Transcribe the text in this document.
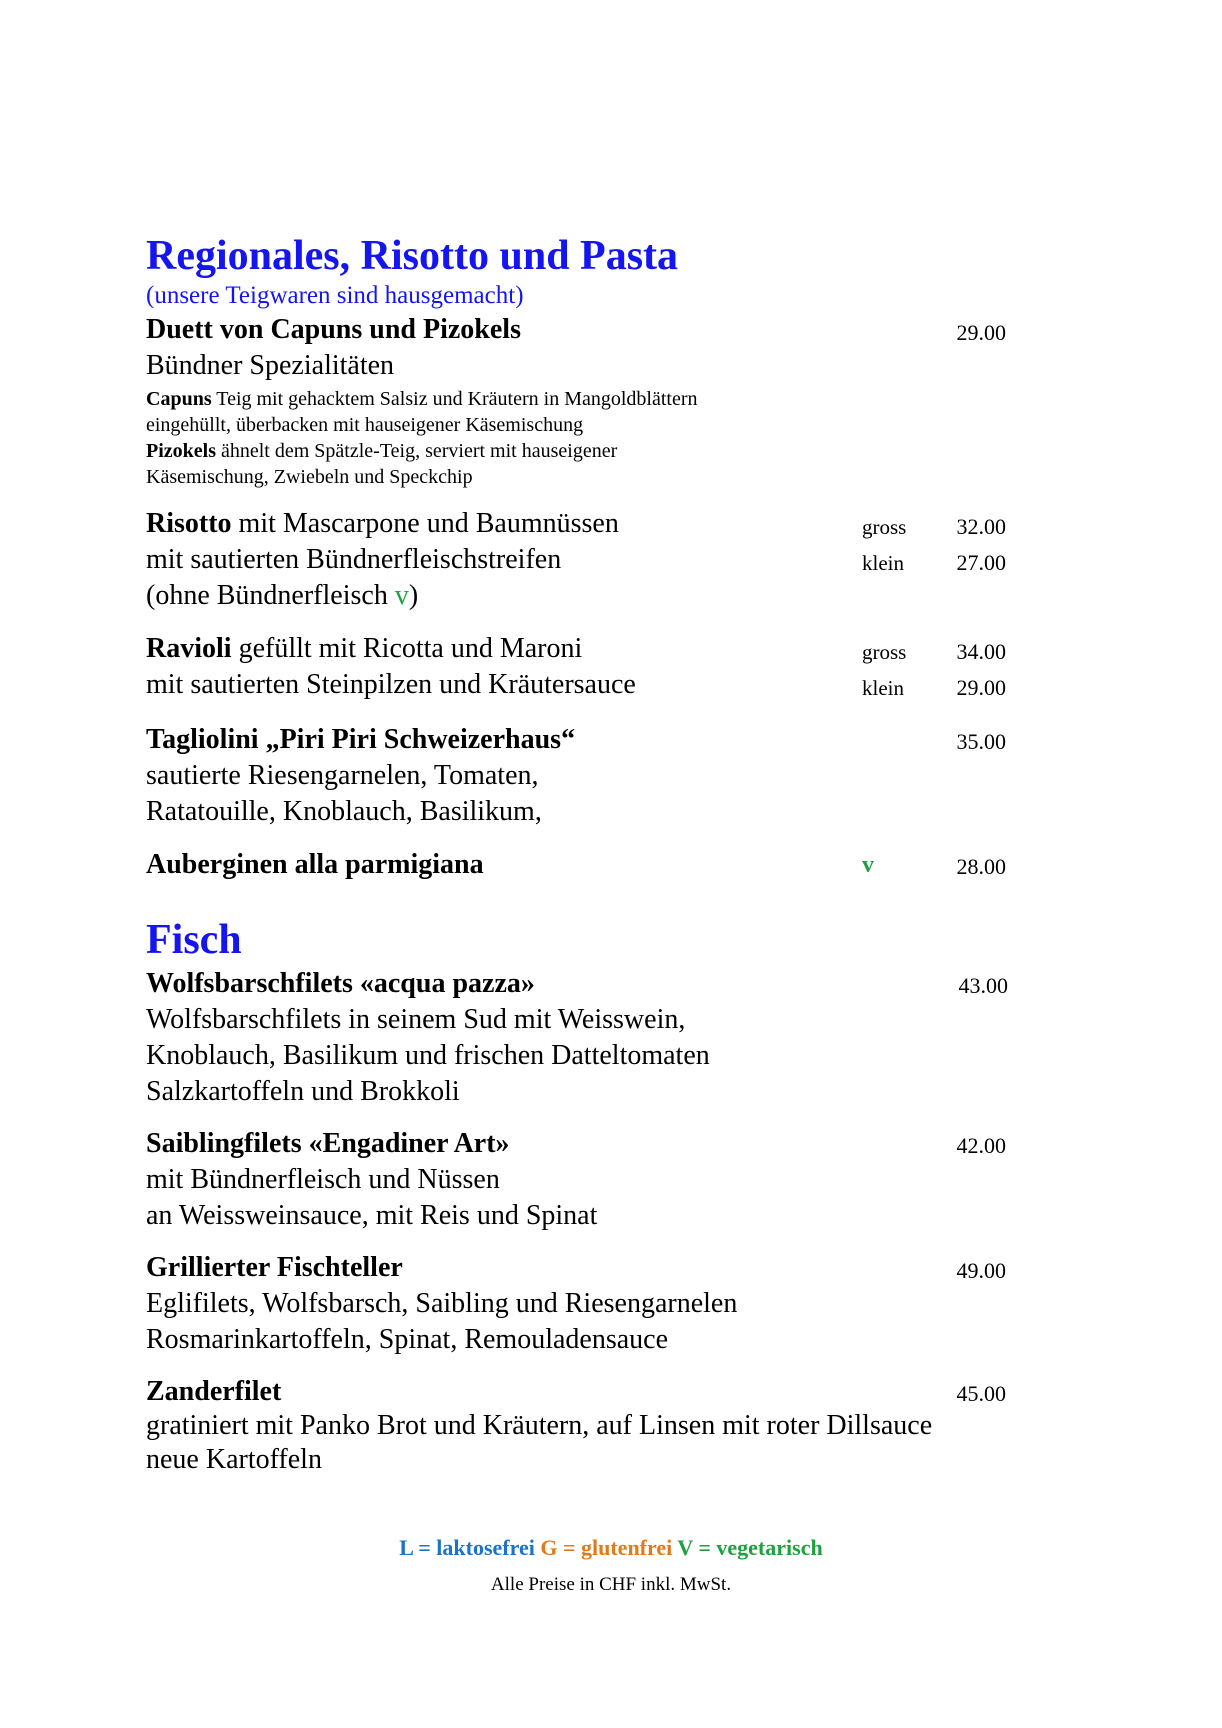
Regionales, Risotto und Pasta
(unsere Teigwaren sind hausgemacht)
Duett von Capuns und Pizokels	29.00
Bündner Spezialitäten
Capuns Teig mit gehacktem Salsiz und Kräutern in Mangoldblättern
eingehüllt, überbacken mit hauseigener Käsemischung
Pizokels ähnelt dem Spätzle-Teig, serviert mit hauseigener
Käsemischung, Zwiebeln und Speckchip
Risotto mit Mascarpone und Baumnüssen	gross	32.00
mit sautierten Bündnerfleischstreifen	klein	27.00
(ohne Bündnerfleisch v)
Ravioli gefüllt mit Ricotta und Maroni	gross	34.00
mit sautierten Steinpilzen und Kräutersauce	klein	29.00
Tagliolini „Piri Piri Schweizerhaus“	35.00
sautierte Riesengarnelen, Tomaten,
Ratatouille, Knoblauch, Basilikum,
Auberginen alla parmigiana	v	28.00
Fisch
Wolfsbarschfilets «acqua pazza»	43.00
Wolfsbarschfilets in seinem Sud mit Weisswein,
Knoblauch, Basilikum und frischen Datteltomaten
Salzkartoffeln und Brokkoli
Saiblingfilets «Engadiner Art»	42.00
mit Bündnerfleisch und Nüssen
an Weissweinsauce, mit Reis und Spinat
Grillierter Fischteller	49.00
Eglifilets, Wolfsbarsch, Saibling und Riesengarnelen
Rosmarinkartoffeln, Spinat, Remouladensauce
Zanderfilet	45.00
gratiniert mit Panko Brot und Kräutern, auf Linsen mit roter Dillsauce
neue Kartoffeln
L = laktosefrei G = glutenfrei V = vegetarisch
Alle Preise in CHF inkl. MwSt.
